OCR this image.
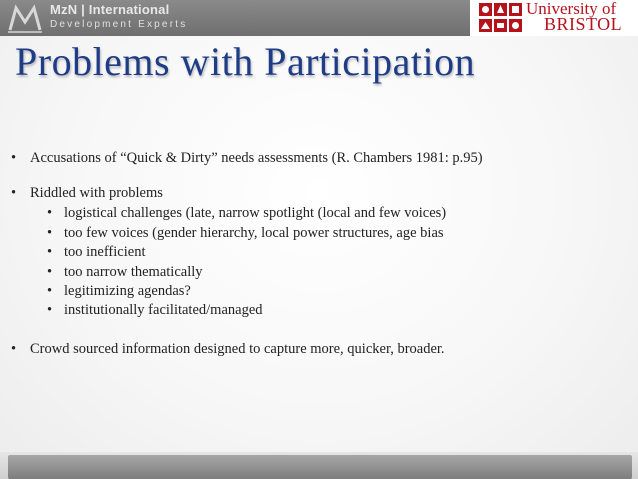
MzN | International
Development Experts
University of
BRISTOL
Problems with Participation
• Accusations of “Quick & Dirty” needs assessments (R. Chambers 1981: p.95)
• Riddled with problems
• logistical challenges (late, narrow spotlight (local and few voices)
• too few voices (gender hierarchy, local power structures, age bias
• too inefficient
• too narrow thematically
• legitimizing agendas?
• institutionally facilitated/managed
• Crowd sourced information designed to capture more, quicker, broader.
